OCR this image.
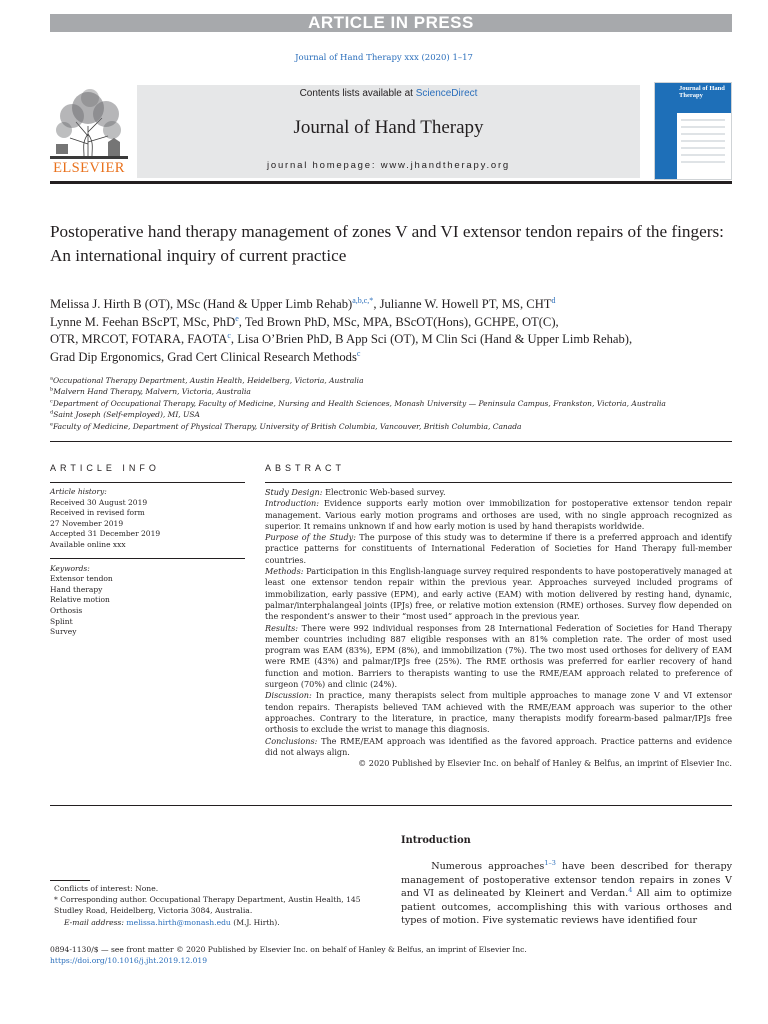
ARTICLE IN PRESS
Journal of Hand Therapy xxx (2020) 1–17
ELSEVIER
Contents lists available at ScienceDirect
Journal of Hand Therapy
journal homepage: www.jhandtherapy.org
Journal of Hand Therapy
Postoperative hand therapy management of zones V and VI extensor tendon repairs of the fingers: An international inquiry of current practice
Melissa J. Hirth B (OT), MSc (Hand & Upper Limb Rehab)$^{a,b,c,*}$, Julianne W. Howell PT, MS, CHT$^d$
Lynne M. Feehan BScPT, MSc, PhD$^e$, Ted Brown PhD, MSc, MPA, BScOT(Hons), GCHPE, OT(C),
OTR, MRCOT, FOTARA, FAOTA$^c$, Lisa O’Brien PhD, B App Sci (OT), M Clin Sci (Hand & Upper Limb Rehab),
Grad Dip Ergonomics, Grad Cert Clinical Research Methods$^c$
$^a$Occupational Therapy Department, Austin Health, Heidelberg, Victoria, Australia
$^b$Malvern Hand Therapy, Malvern, Victoria, Australia
$^c$Department of Occupational Therapy, Faculty of Medicine, Nursing and Health Sciences, Monash University — Peninsula Campus, Frankston, Victoria, Australia
$^d$Saint Joseph (Self-employed), MI, USA
$^e$Faculty of Medicine, Department of Physical Therapy, University of British Columbia, Vancouver, British Columbia, Canada
ARTICLE INFO	ABSTRACT
Article history:
Received 30 August 2019
Received in revised form
27 November 2019
Accepted 31 December 2019
Available online xxx
Keywords:
Extensor tendon
Hand therapy
Relative motion
Orthosis
Splint
Survey

Study Design: Electronic Web-based survey.

Introduction: Evidence supports early motion over immobilization for postoperative extensor tendon repair management. Various early motion programs and orthoses are used, with no single approach recognized as superior. It remains unknown if and how early motion is used by hand therapists worldwide.

Purpose of the Study: The purpose of this study was to determine if there is a preferred approach and identify practice patterns for constituents of International Federation of Societies for Hand Therapy full-member countries.

Methods: Participation in this English-language survey required respondents to have postoperatively managed at least one extensor tendon repair within the previous year. Approaches surveyed included programs of immobilization, early passive (EPM), and early active (EAM) with motion delivered by resting hand, dynamic, palmar/interphalangeal joints (IPJs) free, or relative motion extension (RME) orthoses. Survey flow depended on the respondent’s answer to their “most used” approach in the previous year.

Results: There were 992 individual responses from 28 International Federation of Societies for Hand Therapy member countries including 887 eligible responses with an 81% completion rate. The order of most used program was EAM (83%), EPM (8%), and immobilization (7%). The two most used orthoses for delivery of EAM were RME (43%) and palmar/IPJs free (25%). The RME orthosis was preferred for earlier recovery of hand function and motion. Barriers to therapists wanting to use the RME/EAM approach related to preference of surgeon (70%) and clinic (24%).

Discussion: In practice, many therapists select from multiple approaches to manage zone V and VI extensor tendon repairs. Therapists believed TAM achieved with the RME/EAM approach was superior to the other approaches. Contrary to the literature, in practice, many therapists modify forearm-based palmar/IPJs free orthosis to exclude the wrist to manage this diagnosis.

Conclusions: The RME/EAM approach was identified as the favored approach. Practice patterns and evidence did not always align.

© 2020 Published by Elsevier Inc. on behalf of Hanley & Belfus, an imprint of Elsevier Inc.

Introduction
Numerous approaches$^{1-3}$ have been described for therapy management of postoperative extensor tendon repairs in zones V and VI as delineated by Kleinert and Verdan.$^4$ All aim to optimize patient outcomes, accomplishing this with various orthoses and types of motion. Five systematic reviews have identified four
Conflicts of interest: None.
* Corresponding author. Occupational Therapy Department, Austin Health, 145 Studley Road, Heidelberg, Victoria 3084, Australia.
E-mail address: melissa.hirth@monash.edu (M.J. Hirth).
0894-1130/$ — see front matter © 2020 Published by Elsevier Inc. on behalf of Hanley & Belfus, an imprint of Elsevier Inc.
https://doi.org/10.1016/j.jht.2019.12.019
